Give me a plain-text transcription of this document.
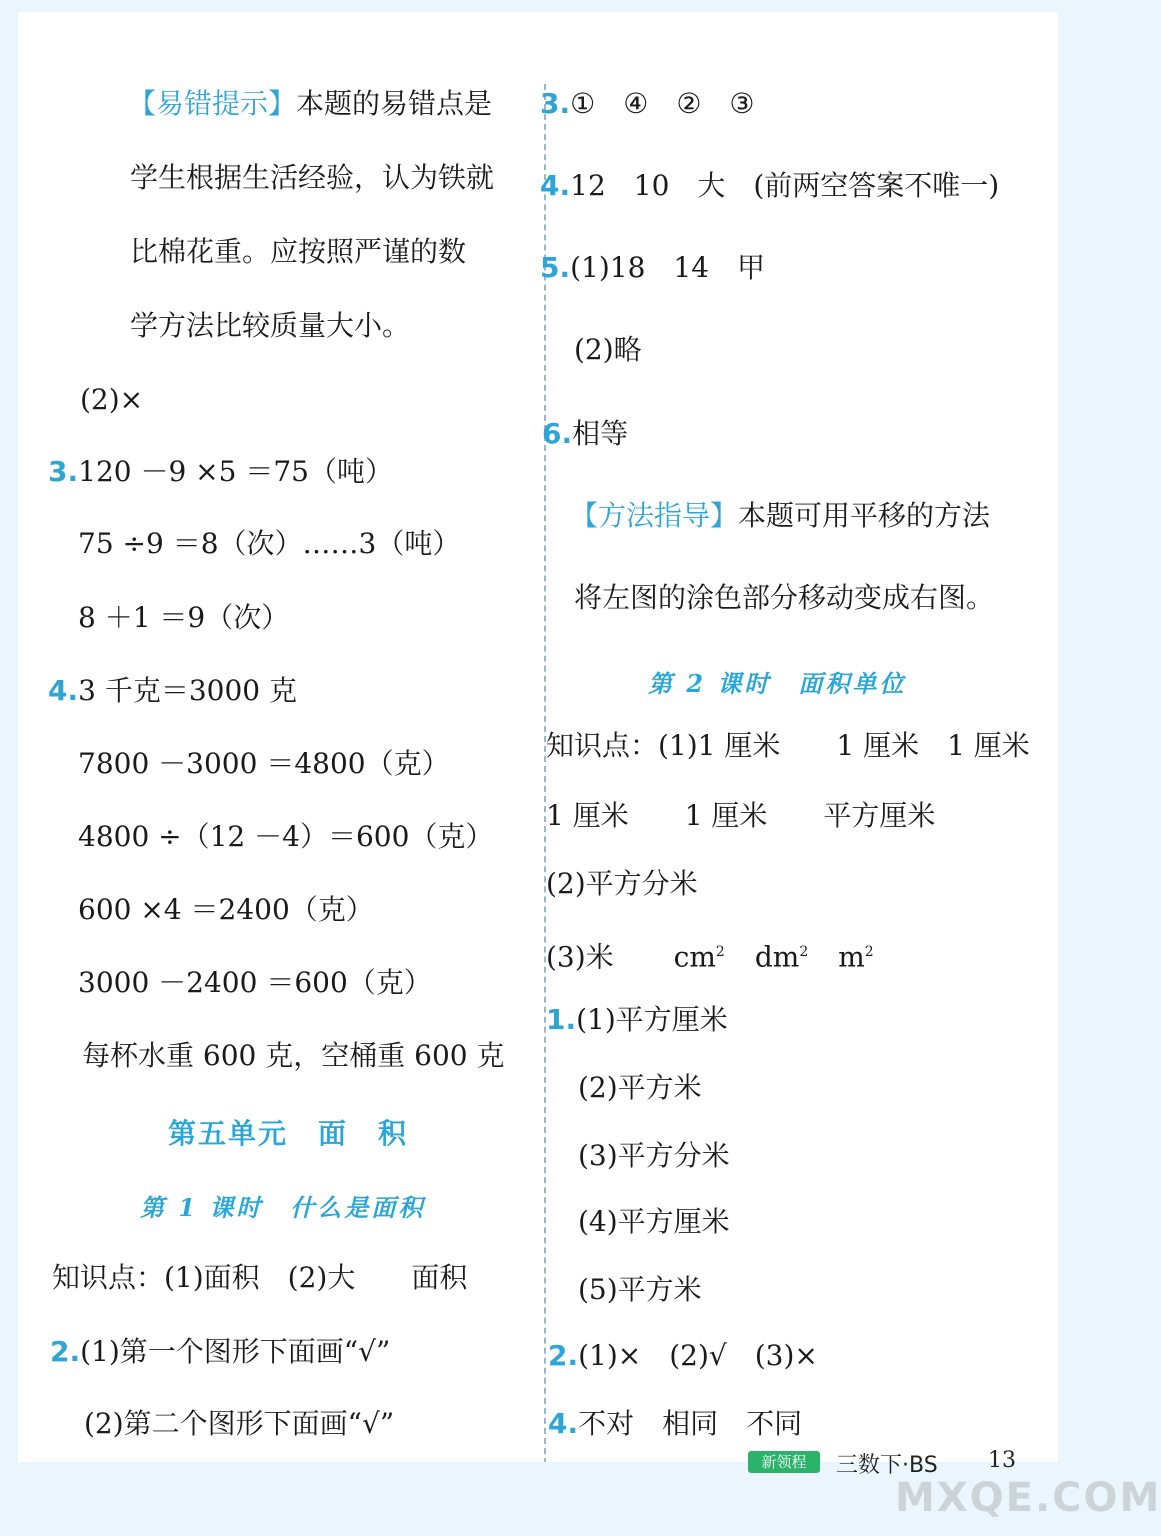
【易错提示】本题的易错点是
学生根据生活经验，认为铁就
比棉花重。应按照严谨的数
学方法比较质量大小。
(2)×
3.120 －9 ×5 ＝75（吨）
75 ÷9 ＝8（次）……3（吨）
8 ＋1 ＝9（次）
4.3 千克＝3000 克
7800 －3000 ＝4800（克）
4800 ÷（12 －4）＝600（克）
600 ×4 ＝2400（克）
3000 －2400 ＝600（克）
每杯水重 600 克，空桶重 600 克
第五单元　面　积
第 1 课时　什么是面积
知识点：(1)面积　(2)大　　面积
2.(1)第一个图形下面画“√”
(2)第二个图形下面画“√”
3.①　④　②　③
4.12　10　大　(前两空答案不唯一)
5.(1)18　14　甲
(2)略
6.相等
【方法指导】本题可用平移的方法
将左图的涂色部分移动变成右图。
第 2 课时　面积单位
知识点：(1)1 厘米　　1 厘米　1 厘米
1 厘米　　1 厘米　　平方厘米
(2)平方分米
(3)米 $cm^2$ $dm^2$ $m^2$
1.(1)平方厘米
(2)平方米
(3)平方分米
(4)平方厘米
(5)平方米
2.(1)×　(2)√　(3)×
4.不对　相同　不同
新领程	三数下·BS 13
MXQE.COM
